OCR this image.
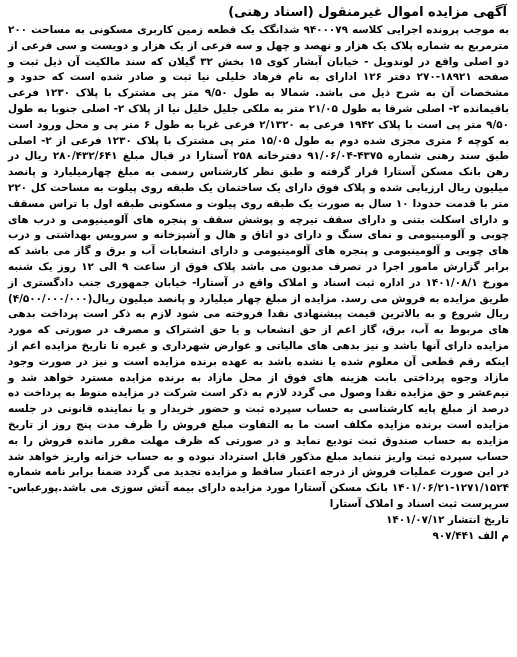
آگهی مزایده اموال غیرمنقول (اسناد رهنی)

به موجب پرونده اجرایی کلاسه ۹۴۰۰۰۷۹ شدانگک یک قطعه زمین کاربری مسکونی به مساحت ۲۰۰ مترمربع به شماره پلاک یک هزار و نهصد و چهل و سه فرعی از یک هزار و دویست و سی فرعی از دو اصلی واقع در لوندویل - خیابان آبشار کوی ۱۵ بخش ۳۲ گیلان که سند مالکیت آن ذیل ثبت و صفحه ۱۸۹۲۱-۲۷۰ دفتر ۱۲۶ ادارای به نام فرهاد خلیلی نیا ثبت و صادر شده است که حدود و مشخصات آن به شرح ذیل می باشد. شمالا به طول ۹/۵۰ متر پی مشترک با پلاک ۱۲۳۰ فرعی باقیمانده ۲- اصلی شرقا به طول ۲۱/۰۵ متر به ملکی جلیل خلیل نیا از پلاک ۲- اصلی جنوبا به طول ۹/۵۰ متر پی است با پلاک ۱۹۴۲ فرعی به ۲/۱۳۲۰ فرعی غربا به طول ۶ متر پی و محل ورود است به کوچه ۶ متری مجزی شده دوم به طول ۱۵/۰۵ متر پی مشترک با پلاک ۱۲۳۰ فرعی از ۲- اصلی طبق سند رهنی شماره ۴۳۷۵-۹۱/۰۶/۰۴ دفترخانه ۲۵۸ آستارا در قبال مبلغ ۲۸۰/۴۳۲/۶۴۱ ریال در رهن بانک مسکن آستارا قرار گرفته و طبق نظر کارشناس رسمی به مبلغ چهارمیلیارد و پانصد میلیون ریال ارزیابی شده و پلاک فوق دارای یک ساختمان یک طبقه روی پیلوت به مساحت کل ۲۲۰ متر با قدمت حدودا ۱۰ سال به صورت یک طبقه روی پیلوت و مسکونی طبقه اول با تراس مسقف و دارای اسکلت بتنی و دارای سقف تیرچه و پوشش سقف و پنجره های آلومینیومی و درب های چوبی و آلومینیومی و نمای سنگ و دارای دو اتاق و هال و آشپزخانه و سرویس بهداشتی و درب های چوبی و آلومینیومی و پنجره های آلومینیومی و دارای انشعابات آب و برق و گاز می باشد که برابر گزارش مامور اجرا در تصرف مدیون می باشد پلاک فوق از ساعت ۹ الی ۱۲ روز یک شنبه مورخ ۱۴۰۱/۰۸/۱ در اداره ثبت اسناد و املاک واقع در آستارا- خیابان جمهوری جنب دادگستری از طریق مزایده به فروش می رسد. مزایده از مبلغ چهار میلیارد و پانصد میلیون ریال(۴/۵۰۰/۰۰۰/۰۰۰) ریال شروع و به بالاترین قیمت پیشنهادی نقدا فروخته می شود لازم به ذکر است پرداخت بدهی های مربوط به آب، برق، گاز اعم از حق انشعاب و یا حق اشتراک و مصرف در صورتی که مورد مزایده دارای آنها باشد و نیز بدهی های مالیاتی و عوارض شهرداری و غیره تا تاریخ مزایده اعم از اینکه رقم قطعی آن معلوم شده یا نشده باشد به عهده برنده مزایده است و نیز در صورت وجود مازاد وجوه پرداختی بابت هزینه های فوق از محل مازاد به برنده مزایده مسترد خواهد شد و نیم‌عشر و حق مزایده نقدا وصول می گردد لازم به ذکر است شرکت در مزایده منوط به پرداخت ده درصد از مبلغ پایه کارشناسی به حساب سپرده ثبت و حضور خریدار و یا نماینده قانونی در جلسه مزایده است برنده مزایده مکلف است ما به التفاوت مبلغ فروش را ظرف مدت پنج روز از تاریخ مزایده به حساب صندوق ثبت تودیع نماید و در صورتی که ظرف مهلت مقرر مانده فروش را به حساب سپرده ثبت واریز ننماید مبلغ مذکور قابل استرداد نبوده و به حساب خزانه واریز خواهد شد در این صورت عملیات فروش از درجه اعتبار ساقط و مزایده تجدید می گردد ضمنا برابر نامه شماره ۱۲۷۱/۱۵۲۴-۱۴۰۱/۰۶/۲۱ بانک مسکن آستارا مورد مزایده دارای بیمه آتش سوزی می باشد.پورعباس- سرپرست ثبت اسناد و املاک آستارا

تاریخ انتشار ۱۴۰۱/۰۷/۱۲
م الف ۹۰۷/۴۴۱
